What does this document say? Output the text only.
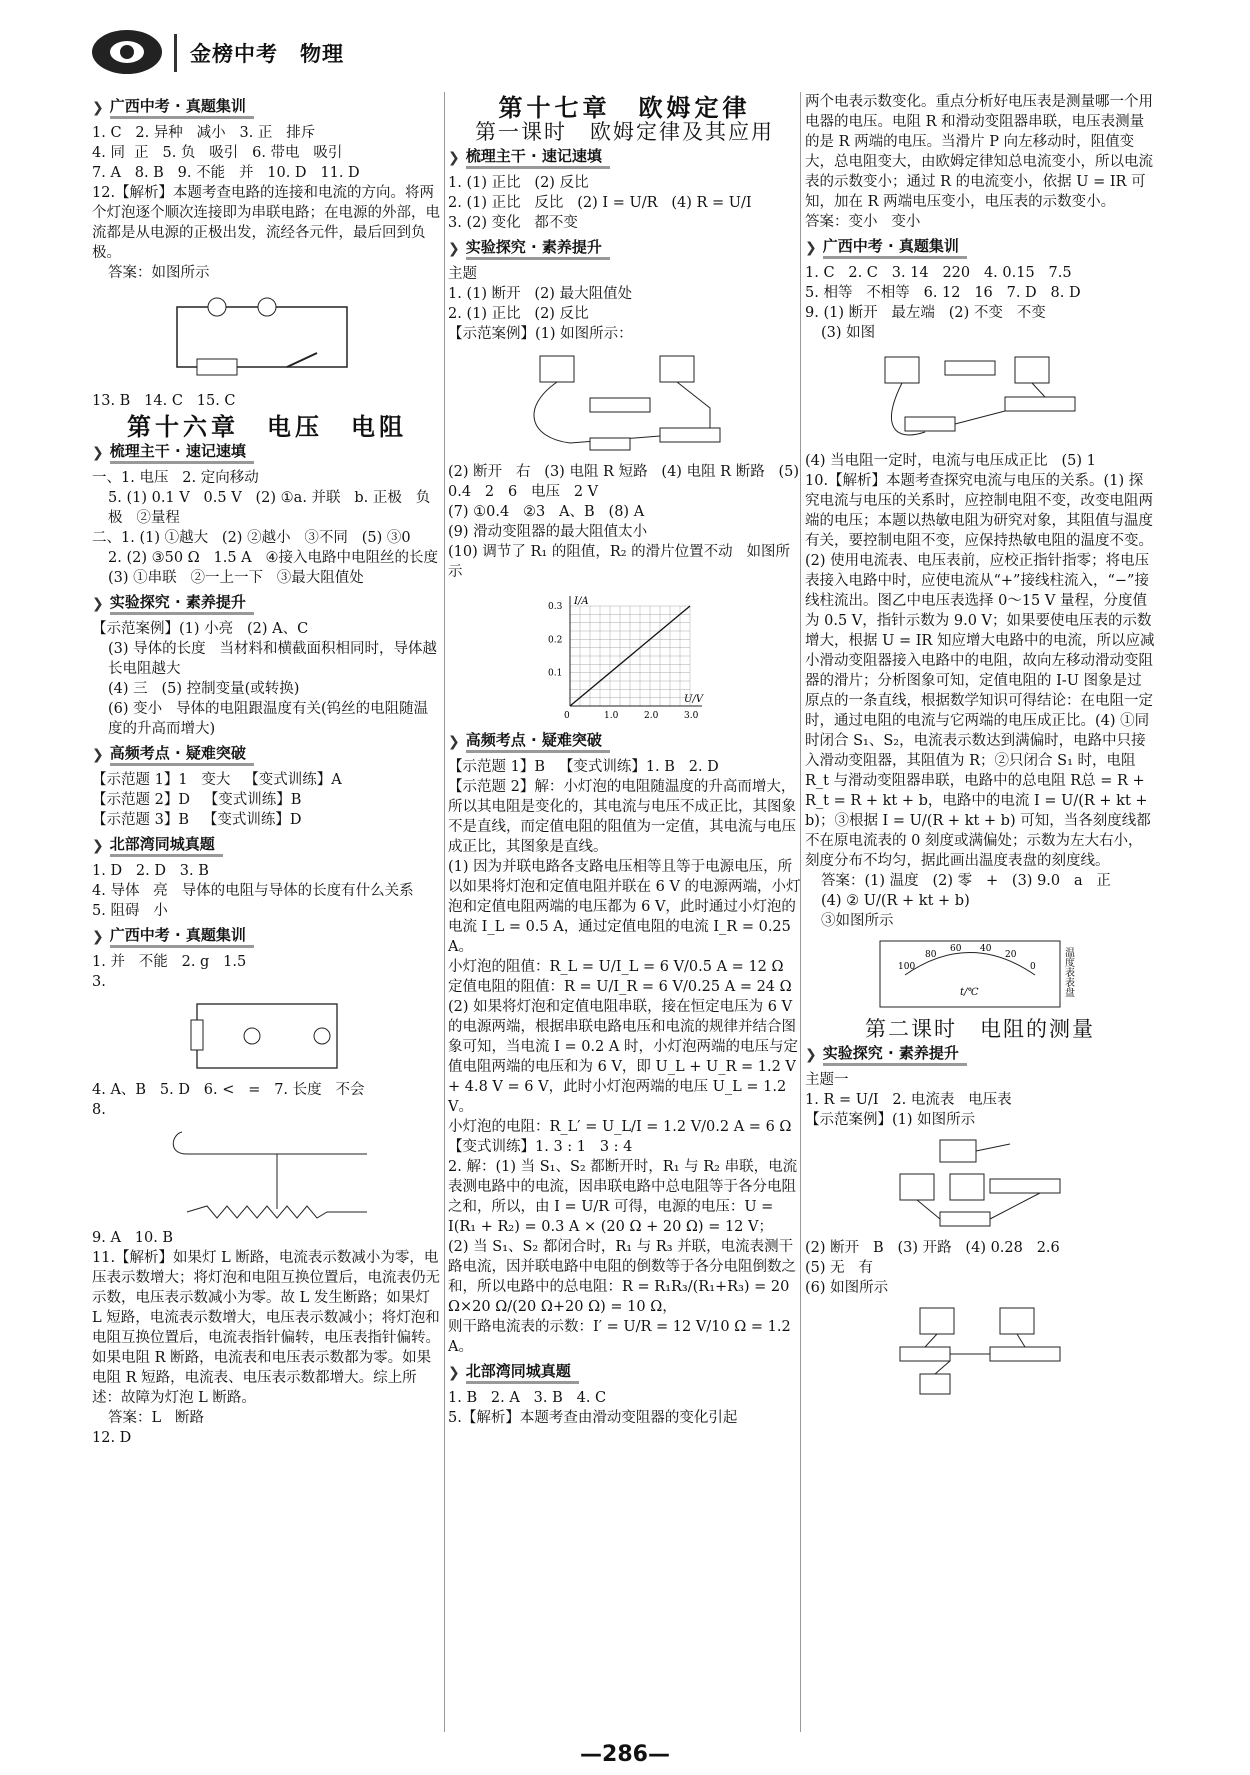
金榜中考　物理
❯ 广西中考 · 真题集训
1. C   2. 异种   减小   3. 正   排斥
4. 同  正   5. 负   吸引   6. 带电   吸引
7. A   8. B   9. 不能   并   10. D   11. D
12.【解析】本题考查电路的连接和电流的方向。将两个灯泡逐个顺次连接即为串联电路；在电源的外部，电流都是从电源的正极出发，流经各元件，最后回到负极。
答案：如图所示
13. B   14. C   15. C
第十六章　电压　电阻
❯ 梳理主干 · 速记速填
一、1. 电压   2. 定向移动
5. (1) 0.1 V   0.5 V   (2) ①a. 并联   b. 正极   负极   ②量程
二、1. (1) ①越大   (2) ②越小   ③不同   (5) ③0
2. (2) ③50 Ω   1.5 A   ④接入电路中电阻丝的长度
(3) ①串联   ②一上一下   ③最大阻值处
❯ 实验探究 · 素养提升
【示范案例】(1) 小亮   (2) A、C
(3) 导体的长度   当材料和横截面积相同时，导体越长电阻越大
(4) 三   (5) 控制变量(或转换)
(6) 变小   导体的电阻跟温度有关(钨丝的电阻随温度的升高而增大)
❯ 高频考点 · 疑难突破
【示范题 1】1   变大   【变式训练】A
【示范题 2】D   【变式训练】B
【示范题 3】B   【变式训练】D
❯ 北部湾同城真题
1. D   2. D   3. B
4. 导体   亮   导体的电阻与导体的长度有什么关系
5. 阻碍   小
❯ 广西中考 · 真题集训
1. 并   不能   2. g   1.5
3.
4. A、B   5. D   6. <   =   7. 长度   不会
8.
9. A   10. B
11.【解析】如果灯 L 断路，电流表示数减小为零，电压表示数增大；将灯泡和电阻互换位置后，电流表仍无示数，电压表示数减小为零。故 L 发生断路；如果灯 L 短路，电流表示数增大，电压表示数减小；将灯泡和电阻互换位置后，电流表指针偏转，电压表指针偏转。如果电阻 R 断路，电流表和电压表示数都为零。如果电阻 R 短路，电流表、电压表示数都增大。综上所述：故障为灯泡 L 断路。
答案：L   断路
12. D
第十七章　欧姆定律
第一课时　欧姆定律及其应用
❯ 梳理主干 · 速记速填
1. (1) 正比   (2) 反比
2. (1) 正比   反比   (2) I = U/R   (4) R = U/I
3. (2) 变化   都不变
❯ 实验探究 · 素养提升
主题
1. (1) 断开   (2) 最大阻值处
2. (1) 正比   (2) 反比
【示范案例】(1) 如图所示：
(2) 断开   右   (3) 电阻 R 短路   (4) 电阻 R 断路   (5) 0.4   2   6   电压   2 V
(7) ①0.4   ②3   A、B   (8) A
(9) 滑动变阻器的最大阻值太小
(10) 调节了 R₁ 的阻值，R₂ 的滑片位置不动   如图所示
U/V
I/A
0	1.0	2.0	3.0
0.1
0.2
0.3
❯ 高频考点 · 疑难突破
【示范题 1】B   【变式训练】1. B   2. D
【示范题 2】解：小灯泡的电阻随温度的升高而增大，所以其电阻是变化的，其电流与电压不成正比，其图象不是直线，而定值电阻的阻值为一定值，其电流与电压成正比，其图象是直线。
(1) 因为并联电路各支路电压相等且等于电源电压，所以如果将灯泡和定值电阻并联在 6 V 的电源两端，小灯泡和定值电阻两端的电压都为 6 V，此时通过小灯泡的电流 I_L = 0.5 A，通过定值电阻的电流 I_R = 0.25 A。
小灯泡的阻值：R_L = U/I_L = 6 V/0.5 A = 12 Ω
定值电阻的阻值：R = U/I_R = 6 V/0.25 A = 24 Ω
(2) 如果将灯泡和定值电阻串联，接在恒定电压为 6 V 的电源两端，根据串联电路电压和电流的规律并结合图象可知，当电流 I = 0.2 A 时，小灯泡两端的电压与定值电阻两端的电压和为 6 V，即 U_L + U_R = 1.2 V + 4.8 V = 6 V，此时小灯泡两端的电压 U_L = 1.2 V。
小灯泡的电阻：R_L′ = U_L/I = 1.2 V/0.2 A = 6 Ω
【变式训练】1. 3 : 1   3 : 4
2. 解：(1) 当 S₁、S₂ 都断开时，R₁ 与 R₂ 串联，电流表测电路中的电流，因串联电路中总电阻等于各分电阻之和，所以，由 I = U/R 可得，电源的电压：U = I(R₁ + R₂) = 0.3 A × (20 Ω + 20 Ω) = 12 V；
(2) 当 S₁、S₂ 都闭合时，R₁ 与 R₃ 并联，电流表测干路电流，因并联电路中电阻的倒数等于各分电阻倒数之和，所以电路中的总电阻：R = R₁R₃/(R₁+R₃) = 20 Ω×20 Ω/(20 Ω+20 Ω) = 10 Ω，
则干路电流表的示数：I′ = U/R = 12 V/10 Ω = 1.2 A。
❯ 北部湾同城真题
1. B   2. A   3. B   4. C
5.【解析】本题考查由滑动变阻器的变化引起
两个电表示数变化。重点分析好电压表是测量哪一个用电器的电压。电阻 R 和滑动变阻器串联，电压表测量的是 R 两端的电压。当滑片 P 向左移动时，阻值变大，总电阻变大，由欧姆定律知总电流变小，所以电流表的示数变小；通过 R 的电流变小，依据 U = IR 可知，加在 R 两端电压变小，电压表的示数变小。
答案：变小   变小
❯ 广西中考 · 真题集训
1. C   2. C   3. 14   220   4. 0.15   7.5
5. 相等   不相等   6. 12   16   7. D   8. D
9. (1) 断开   最左端   (2) 不变   不变
(3) 如图
(4) 当电阻一定时，电流与电压成正比   (5) 1
10.【解析】本题考查探究电流与电压的关系。(1) 探究电流与电压的关系时，应控制电阻不变，改变电阻两端的电压；本题以热敏电阻为研究对象，其阻值与温度有关，要控制电阻不变，应保持热敏电阻的温度不变。(2) 使用电流表、电压表前，应校正指针指零；将电压表接入电路中时，应使电流从“+”接线柱流入，“−”接线柱流出。图乙中电压表选择 0～15 V 量程，分度值为 0.5 V，指针示数为 9.0 V；如果要使电压表的示数增大，根据 U = IR 知应增大电路中的电流，所以应减小滑动变阻器接入电路中的电阻，故向左移动滑动变阻器的滑片；分析图象可知，定值电阻的 I-U 图象是过原点的一条直线，根据数学知识可得结论：在电阻一定时，通过电阻的电流与它两端的电压成正比。(4) ①同时闭合 S₁、S₂，电流表示数达到满偏时，电路中只接入滑动变阻器，其阻值为 R；②只闭合 S₁ 时，电阻 R_t 与滑动变阻器串联，电路中的总电阻 R总 = R + R_t = R + kt + b，电路中的电流 I = U/(R + kt + b)；③根据 I = U/(R + kt + b) 可知，当各刻度线都不在原电流表的 0 刻度或满偏处；示数为左大右小，刻度分布不均匀，据此画出温度表盘的刻度线。
答案：(1) 温度   (2) 零   +   (3) 9.0   a   正
(4) ② U/(R + kt + b)
③如图所示
100
80
60 40
20
0
t/℃	温度表表盘
第二课时　电阻的测量
❯ 实验探究 · 素养提升
主题一
1. R = U/I   2. 电流表   电压表
【示范案例】(1) 如图所示
(2) 断开   B   (3) 开路   (4) 0.28   2.6
(5) 无   有
(6) 如图所示
—286—
